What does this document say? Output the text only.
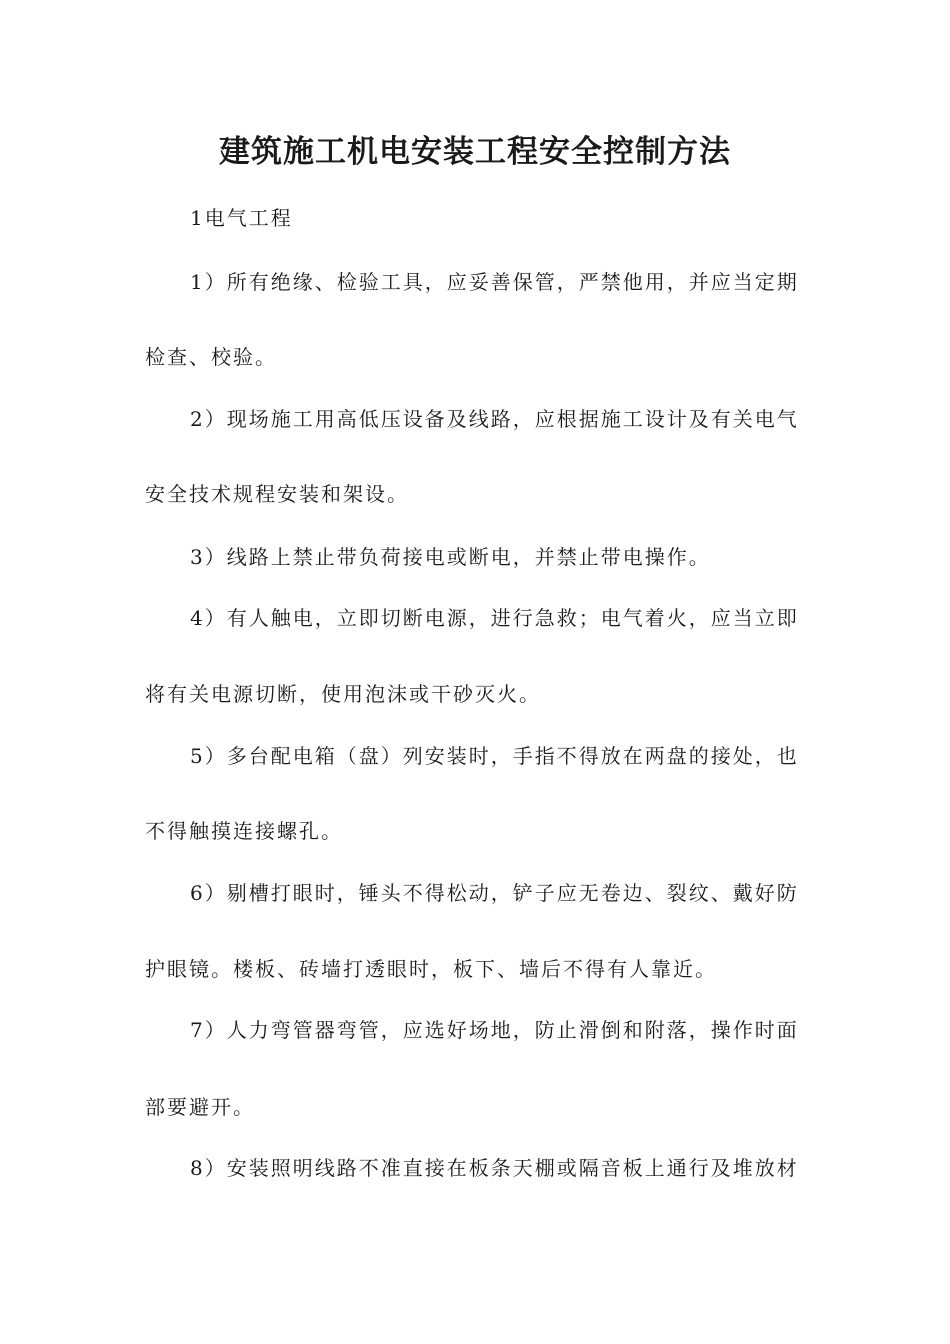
建筑施工机电安装工程安全控制方法
1电气工程
1）所有绝缘、检验工具，应妥善保管，严禁他用，并应当定期
检查、校验。
2）现场施工用高低压设备及线路，应根据施工设计及有关电气
安全技术规程安装和架设。
3）线路上禁止带负荷接电或断电，并禁止带电操作。
4）有人触电，立即切断电源，进行急救；电气着火，应当立即
将有关电源切断，使用泡沫或干砂灭火。
5）多台配电箱（盘）列安装时，手指不得放在两盘的接处，也
不得触摸连接螺孔。
6）剔槽打眼时，锤头不得松动，铲子应无卷边、裂纹、戴好防
护眼镜。楼板、砖墙打透眼时，板下、墙后不得有人靠近。
7）人力弯管器弯管，应选好场地，防止滑倒和附落，操作时面
部要避开。
8）安装照明线路不准直接在板条天棚或隔音板上通行及堆放材
